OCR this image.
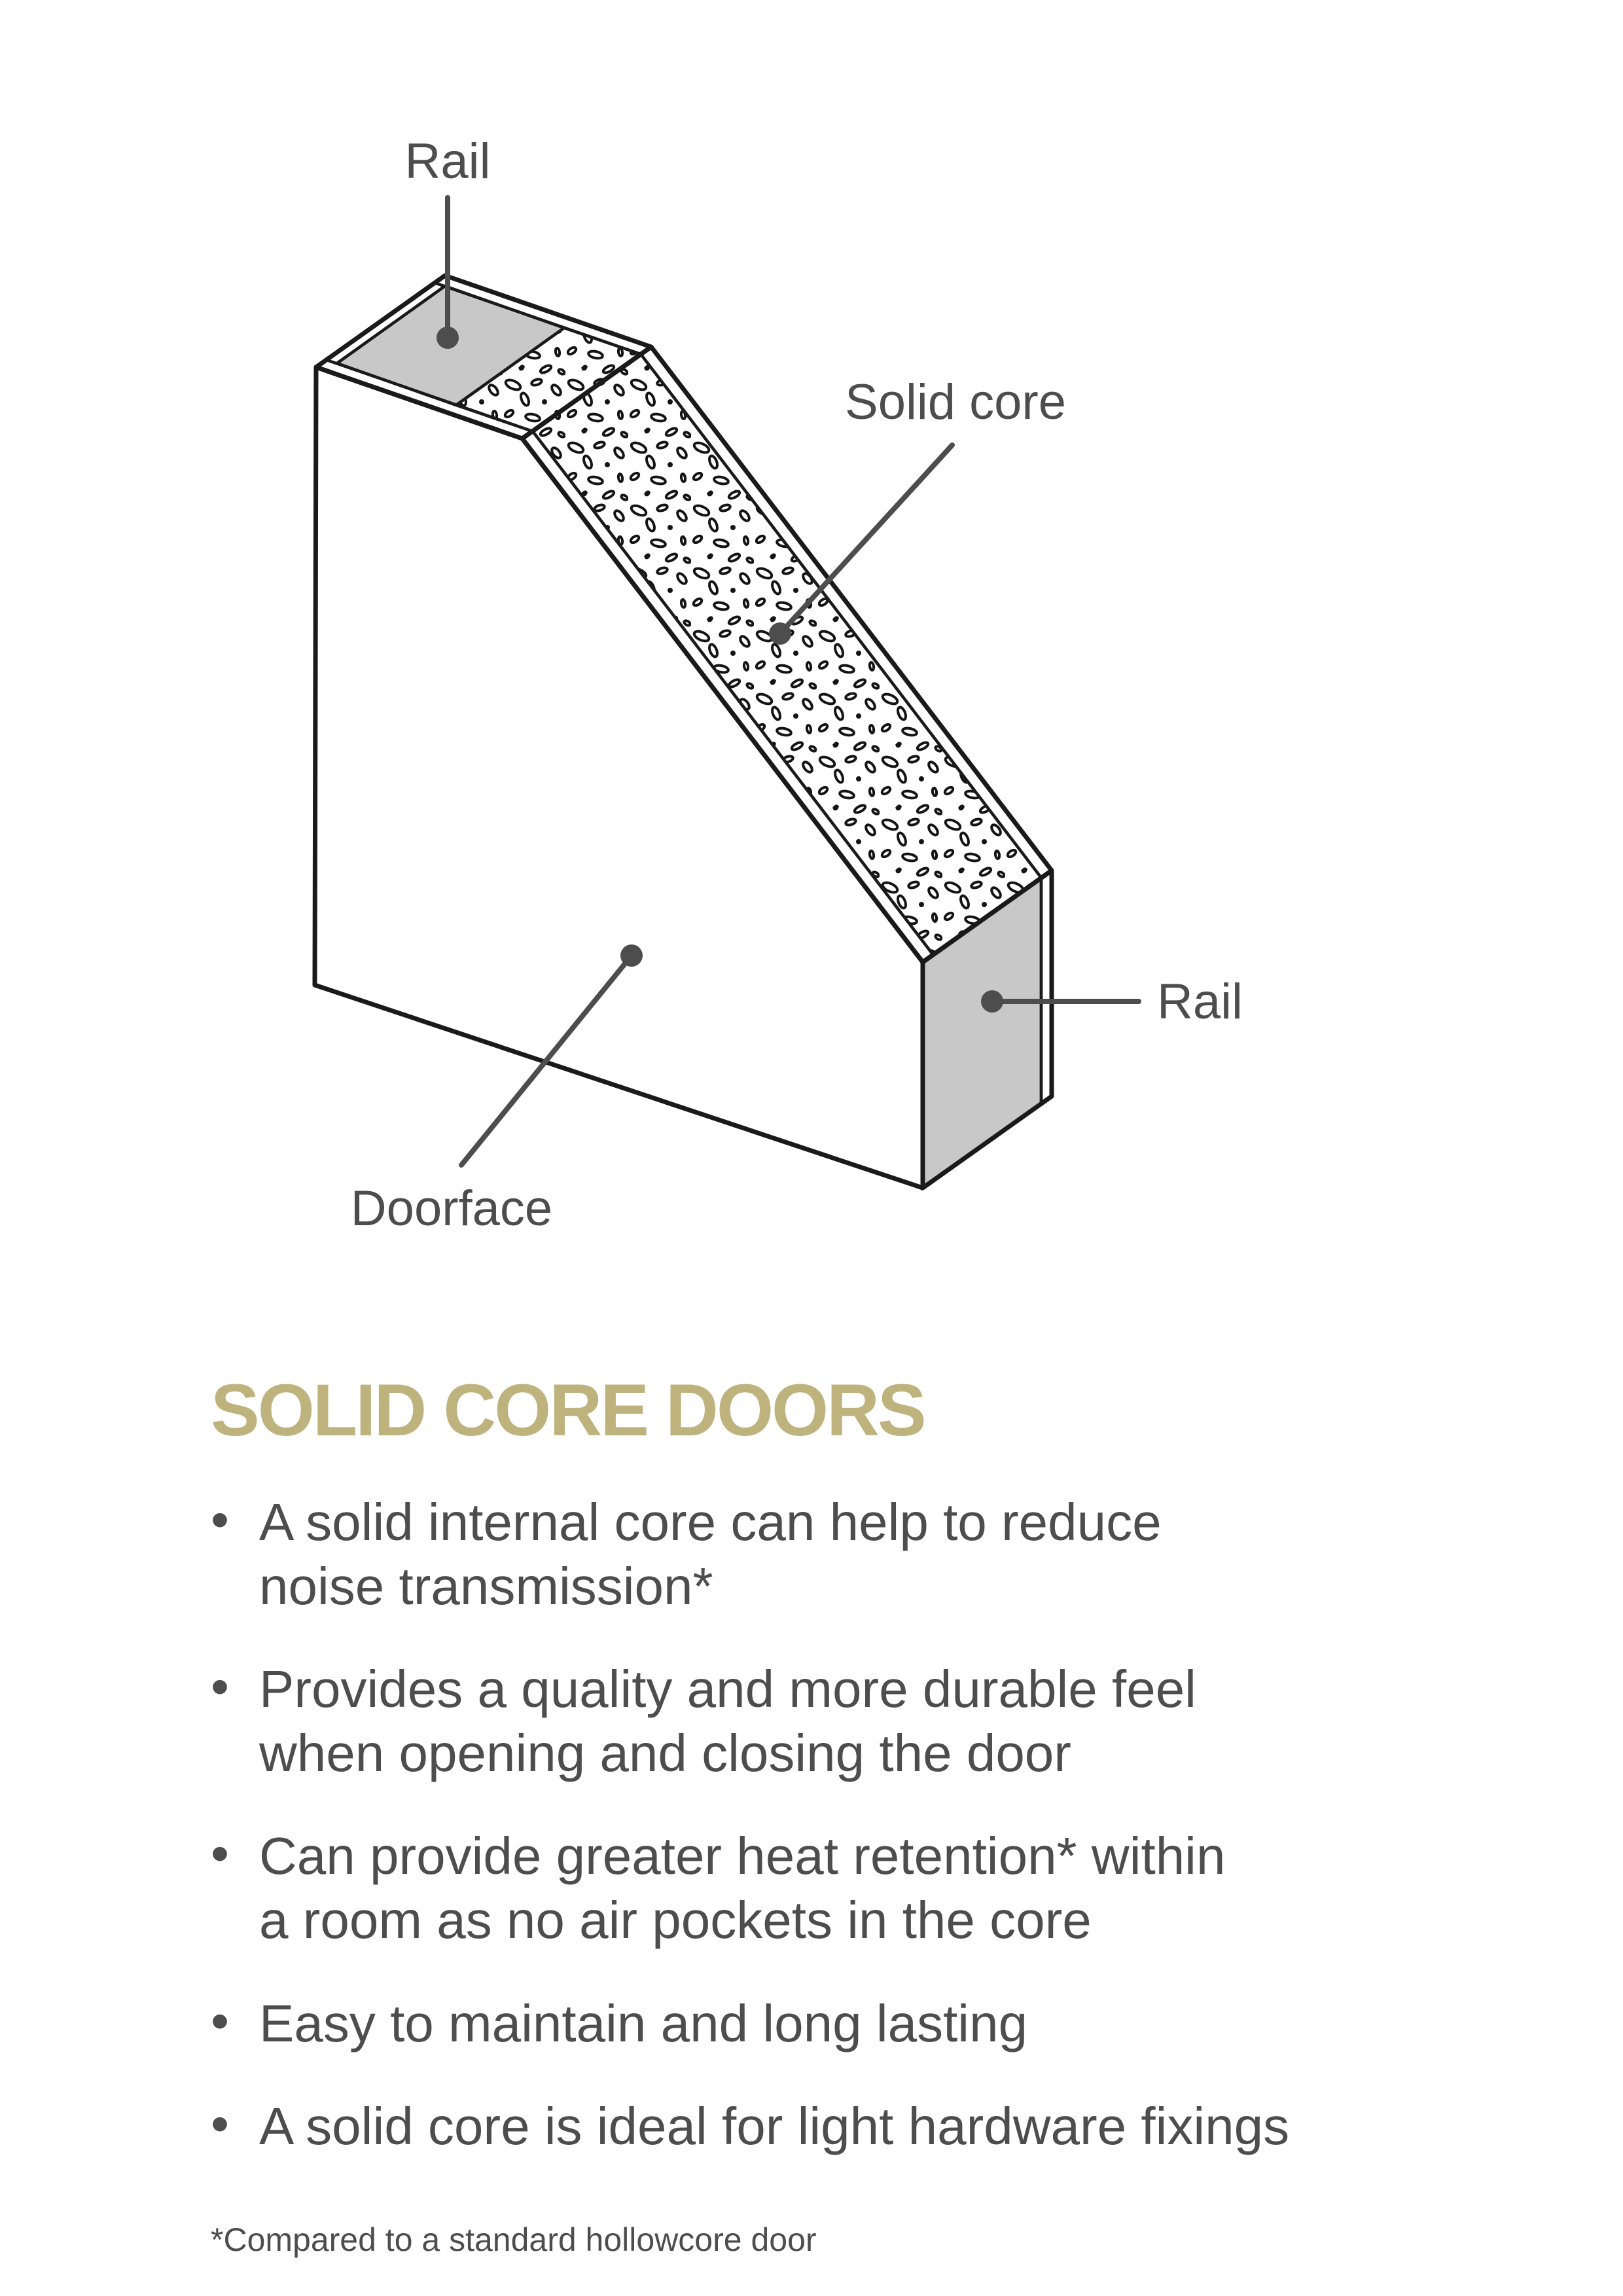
Rail
Solid core
Rail
Doorface
SOLID CORE DOORS
• A solid internal core can help to reduce
noise transmission*
• Provides a quality and more durable feel
when opening and closing the door
• Can provide greater heat retention* within
a room as no air pockets in the core
• Easy to maintain and long lasting
• A solid core is ideal for light hardware fixings

*Compared to a standard hollowcore door
